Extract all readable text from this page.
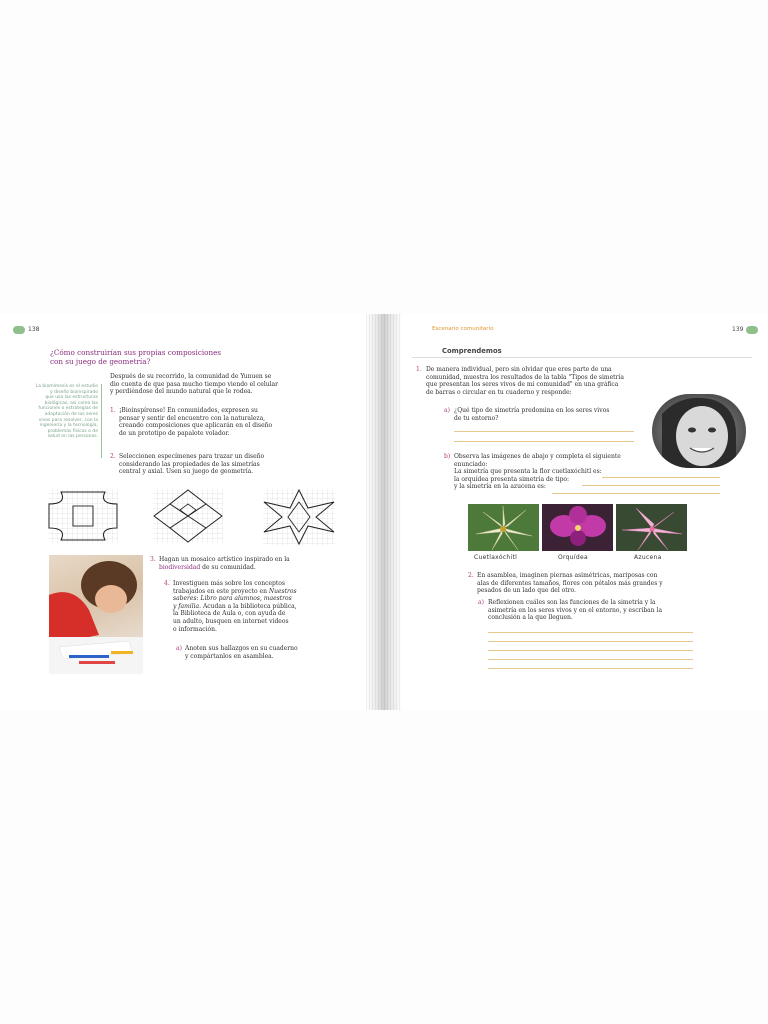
138
¿Cómo construirían sus propias composiciones
con su juego de geometría?
La biomímesis es el estudio
y diseño bioinspirado
que usa las estructuras
biológicas, así como las
funciones o estrategias de
adaptación de los seres
vivos para resolver, con la
ingeniería y la tecnología,
problemas físicos o de
salud en las personas.
Después de su recorrido, la comunidad de Yunuen se
dio cuenta de que pasa mucho tiempo viendo el celular
y perdiéndose del mundo natural que le rodea.
1. ¡Bioinspírense! En comunidades, expresen su
pensar y sentir del encuentro con la naturaleza,
creando composiciones que aplicarán en el diseño
de un prototipo de papalote volador.
2. Seleccionen especímenes para trazar un diseño
considerando las propiedades de las simetrías
central y axial. Usen su juego de geometría.
3. Hagan un mosaico artístico inspirado en la
biodiversidad de su comunidad.
4. Investiguen más sobre los conceptos
trabajados en este proyecto en Nuestros
saberes: Libro para alumnos, maestros
y familia. Acudan a la biblioteca pública,
la Biblioteca de Aula o, con ayuda de
un adulto, busquen en internet videos
o información.
a) Anoten sus hallazgos en su cuaderno
y compártanlos en asamblea.
Escenario comunitario	139
Comprendemos
1. De manera individual, pero sin olvidar que eres parte de una
comunidad, muestra los resultados de la tabla "Tipos de simetría
que presentan los seres vivos de mi comunidad" en una gráfica
de barras o circular en tu cuaderno y responde:
a) ¿Qué tipo de simetría predomina en los seres vivos
de tu entorno?
b) Observa las imágenes de abajo y completa el siguiente
enunciado:
La simetría que presenta la flor cuetlaxóchitl es:
la orquídea presenta simetría de tipo:
y la simetría en la azucena es:
Cuetlaxóchitl	Orquídea	Azucena
2. En asamblea, imaginen piernas asimétricas, mariposas con
alas de diferentes tamaños, flores con pétalos más grandes y
pesados de un lado que del otro.
a) Reflexionen cuáles son las funciones de la simetría y la
asimetría en los seres vivos y en el entorno, y escriban la
conclusión a la que lleguen.
